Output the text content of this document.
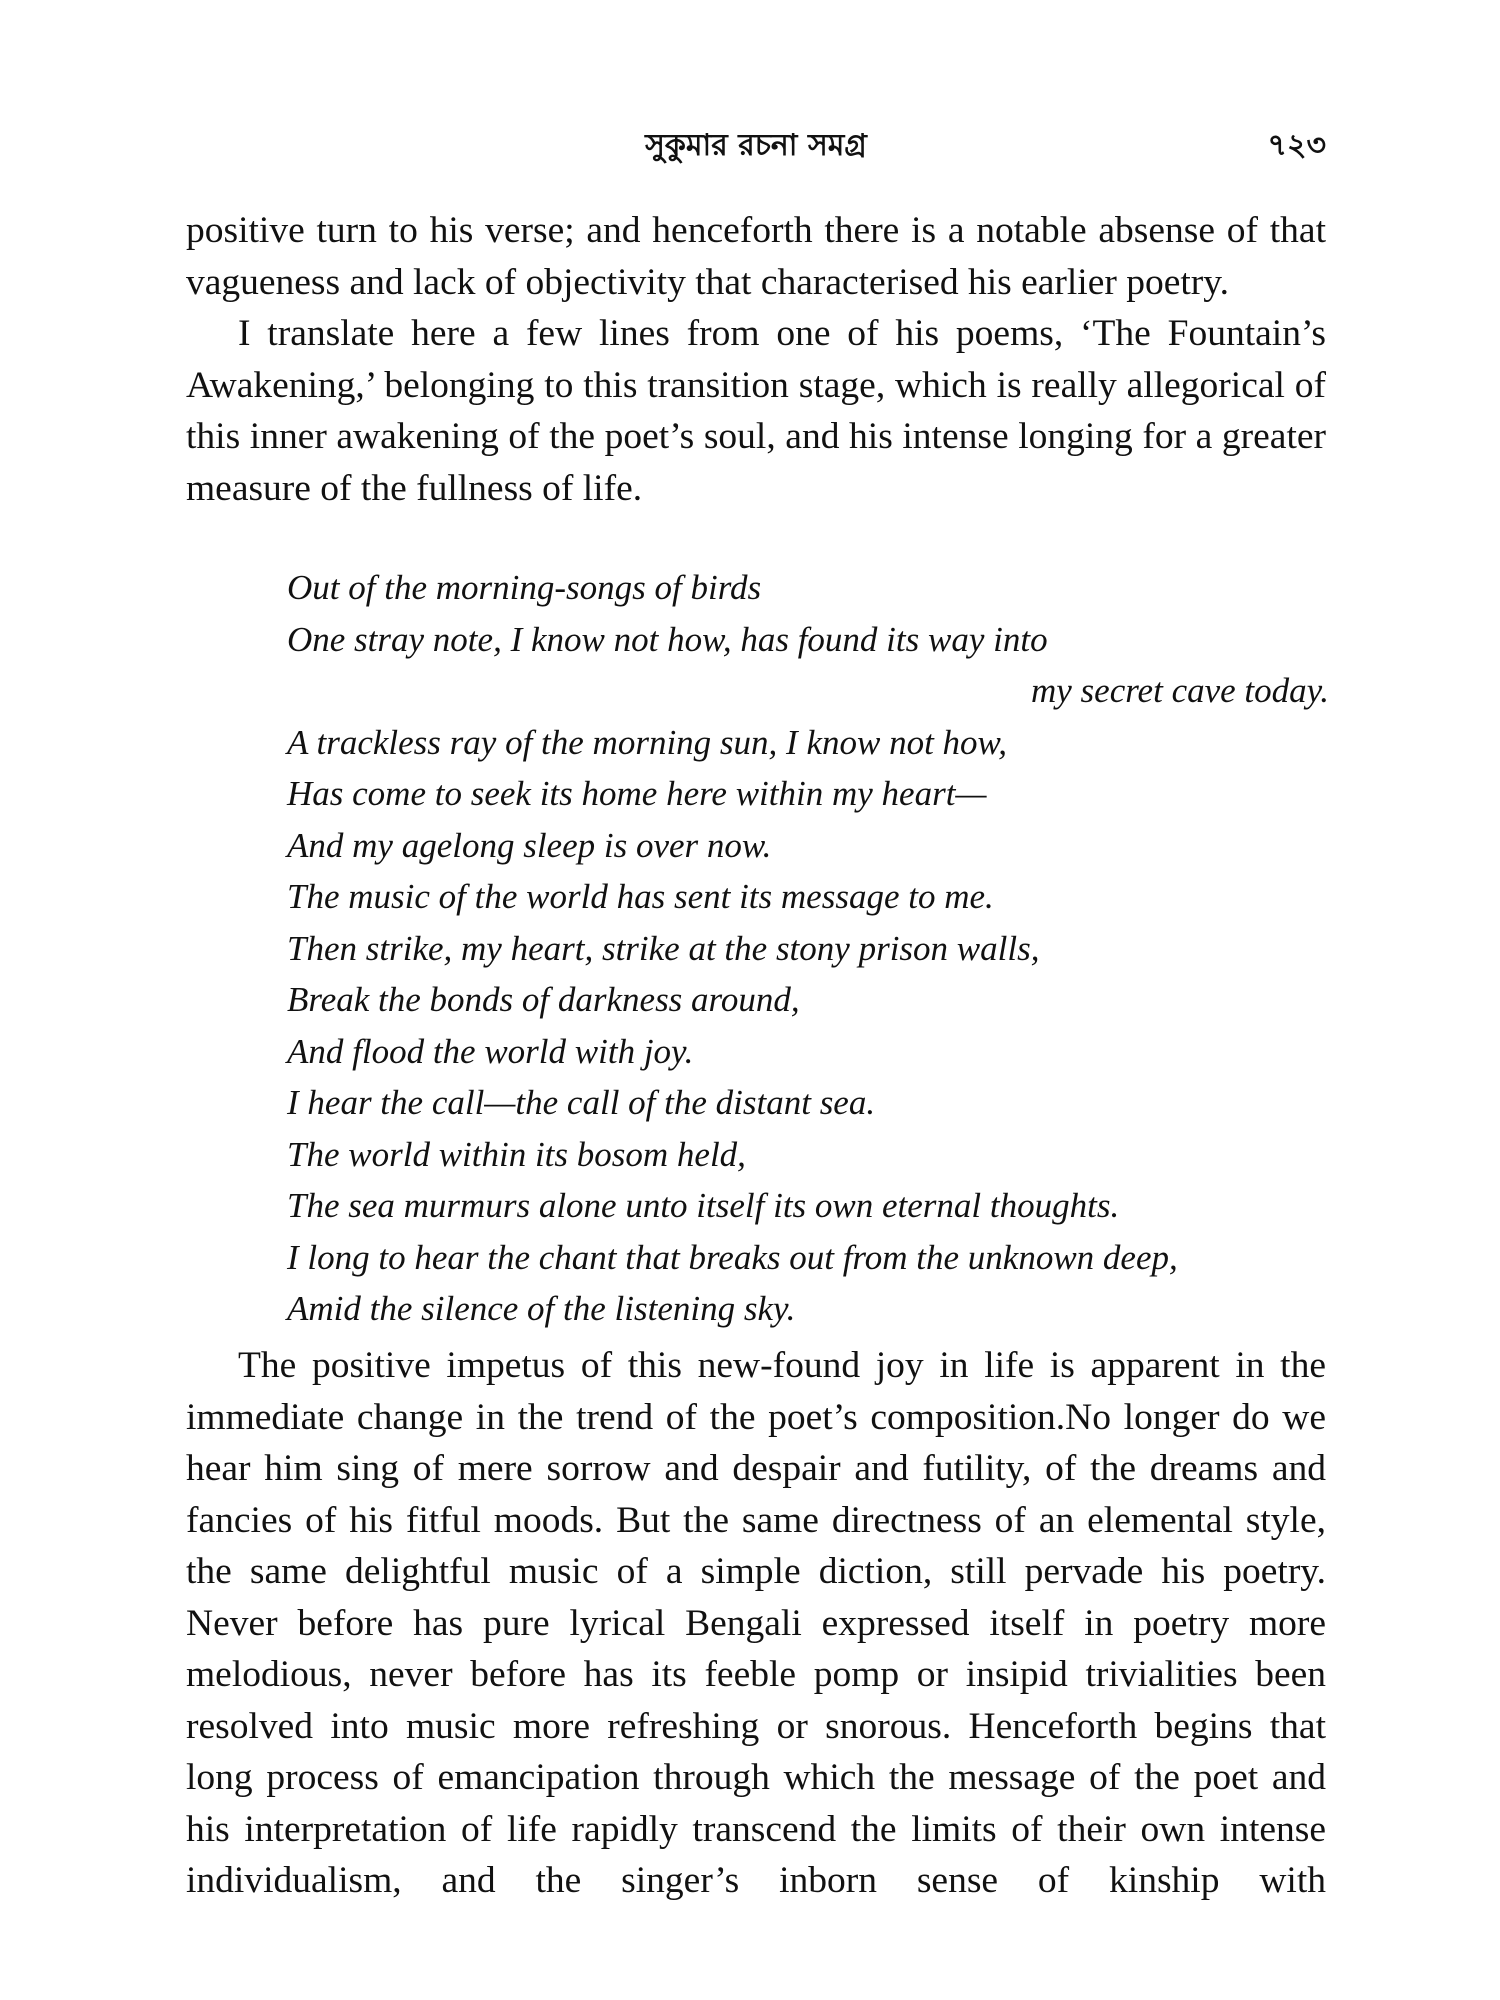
সুকুমার রচনা সমগ্র	৭২৩

positive turn to his verse; and henceforth there is a notable absense of that vagueness and lack of objectivity that characterised his earlier poetry.

I translate here a few lines from one of his poems, ‘The Fountain’s Awakening,’ belonging to this transition stage, which is really allegorical of this inner awakening of the poet’s soul, and his intense longing for a greater measure of the fullness of life.

Out of the morning-songs of birds
One stray note, I know not how, has found its way into
my secret cave today.
A trackless ray of the morning sun, I know not how,
Has come to seek its home here within my heart—
And my agelong sleep is over now.
The music of the world has sent its message to me.
Then strike, my heart, strike at the stony prison walls,
Break the bonds of darkness around,
And flood the world with joy.
I hear the call—the call of the distant sea.
The world within its bosom held,
The sea murmurs alone unto itself its own eternal thoughts.
I long to hear the chant that breaks out from the unknown deep,
Amid the silence of the listening sky.

The positive impetus of this new-found joy in life is apparent in the immediate change in the trend of the poet’s composition.No longer do we hear him sing of mere sorrow and despair and futility, of the dreams and fancies of his fitful moods. But the same directness of an elemental style, the same delightful music of a simple diction, still pervade his poetry. Never before has pure lyrical Bengali expressed itself in poetry more melodious, never before has its feeble pomp or insipid trivialities been resolved into music more refreshing or snorous. Henceforth begins that long process of emancipation through which the message of the poet and his interpretation of life rapidly transcend the limits of their own intense individualism, and the singer’s inborn sense of kinship with
